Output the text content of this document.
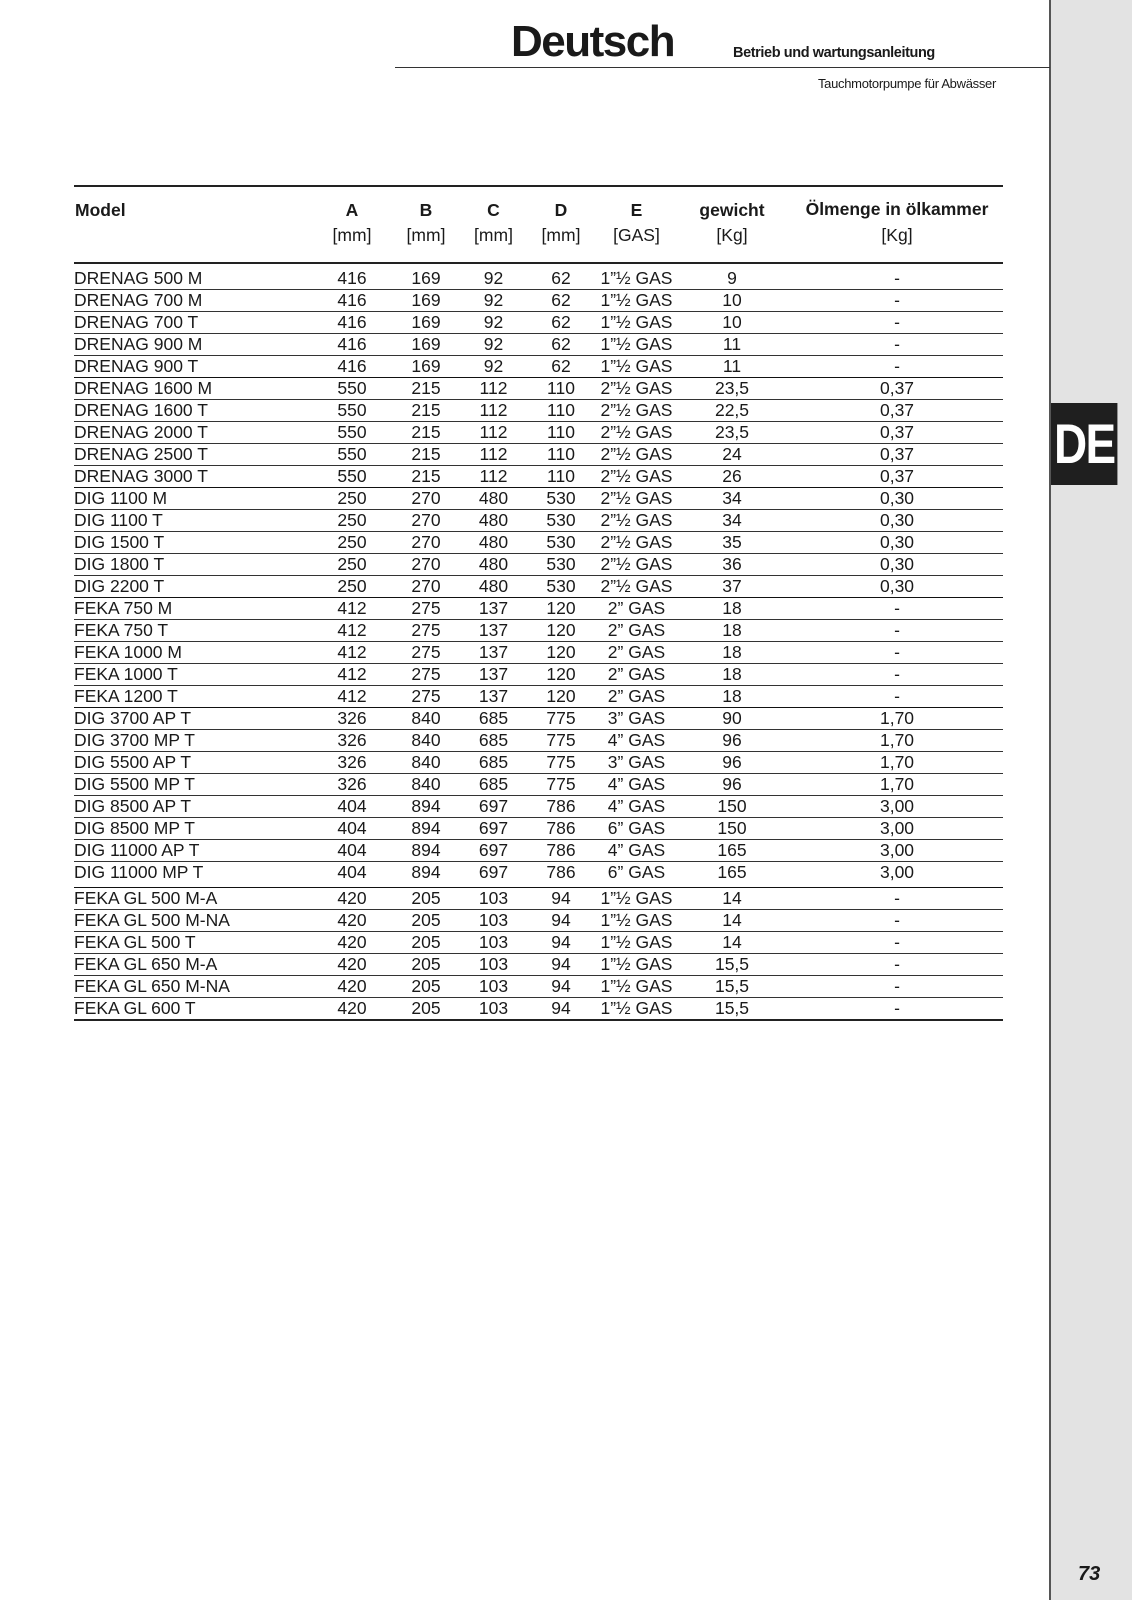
DE
73
Deutsch	Betrieb und wartungsanleitung
Tauchmotorpumpe für Abwässer
Model	A	B	C	D	E	gewicht	Ölmenge in ölkammer
	[mm]	[mm]	[mm]	[mm]	[GAS]	[Kg]	[Kg]
DRENAG 500 M	416	169	92	62	1”½ GAS	9	-
DRENAG 700 M	416	169	92	62	1”½ GAS	10	-
DRENAG 700 T	416	169	92	62	1”½ GAS	10	-
DRENAG 900 M	416	169	92	62	1”½ GAS	11	-
DRENAG 900 T	416	169	92	62	1”½ GAS	11	-
DRENAG 1600 M	550	215	112	110	2”½ GAS	23,5	0,37
DRENAG 1600 T	550	215	112	110	2”½ GAS	22,5	0,37
DRENAG 2000 T	550	215	112	110	2”½ GAS	23,5	0,37
DRENAG 2500 T	550	215	112	110	2”½ GAS	24	0,37
DRENAG 3000 T	550	215	112	110	2”½ GAS	26	0,37
DIG 1100 M	250	270	480	530	2”½ GAS	34	0,30
DIG 1100 T	250	270	480	530	2”½ GAS	34	0,30
DIG 1500 T	250	270	480	530	2”½ GAS	35	0,30
DIG 1800 T	250	270	480	530	2”½ GAS	36	0,30
DIG 2200 T	250	270	480	530	2”½ GAS	37	0,30
FEKA 750 M	412	275	137	120	2” GAS	18	-
FEKA 750 T	412	275	137	120	2” GAS	18	-
FEKA 1000 M	412	275	137	120	2” GAS	18	-
FEKA 1000 T	412	275	137	120	2” GAS	18	-
FEKA 1200 T	412	275	137	120	2” GAS	18	-
DIG 3700 AP T	326	840	685	775	3” GAS	90	1,70
DIG 3700 MP T	326	840	685	775	4” GAS	96	1,70
DIG 5500 AP T	326	840	685	775	3” GAS	96	1,70
DIG 5500 MP T	326	840	685	775	4” GAS	96	1,70
DIG 8500 AP T	404	894	697	786	4” GAS	150	3,00
DIG 8500 MP T	404	894	697	786	6” GAS	150	3,00
DIG 11000 AP T	404	894	697	786	4” GAS	165	3,00
DIG 11000 MP T	404	894	697	786	6” GAS	165	3,00
FEKA GL 500 M-A	420	205	103	94	1”½ GAS	14	-
FEKA GL 500 M-NA	420	205	103	94	1”½ GAS	14	-
FEKA GL 500 T	420	205	103	94	1”½ GAS	14	-
FEKA GL 650 M-A	420	205	103	94	1”½ GAS	15,5	-
FEKA GL 650 M-NA	420	205	103	94	1”½ GAS	15,5	-
FEKA GL 600 T	420	205	103	94	1”½ GAS	15,5	-
